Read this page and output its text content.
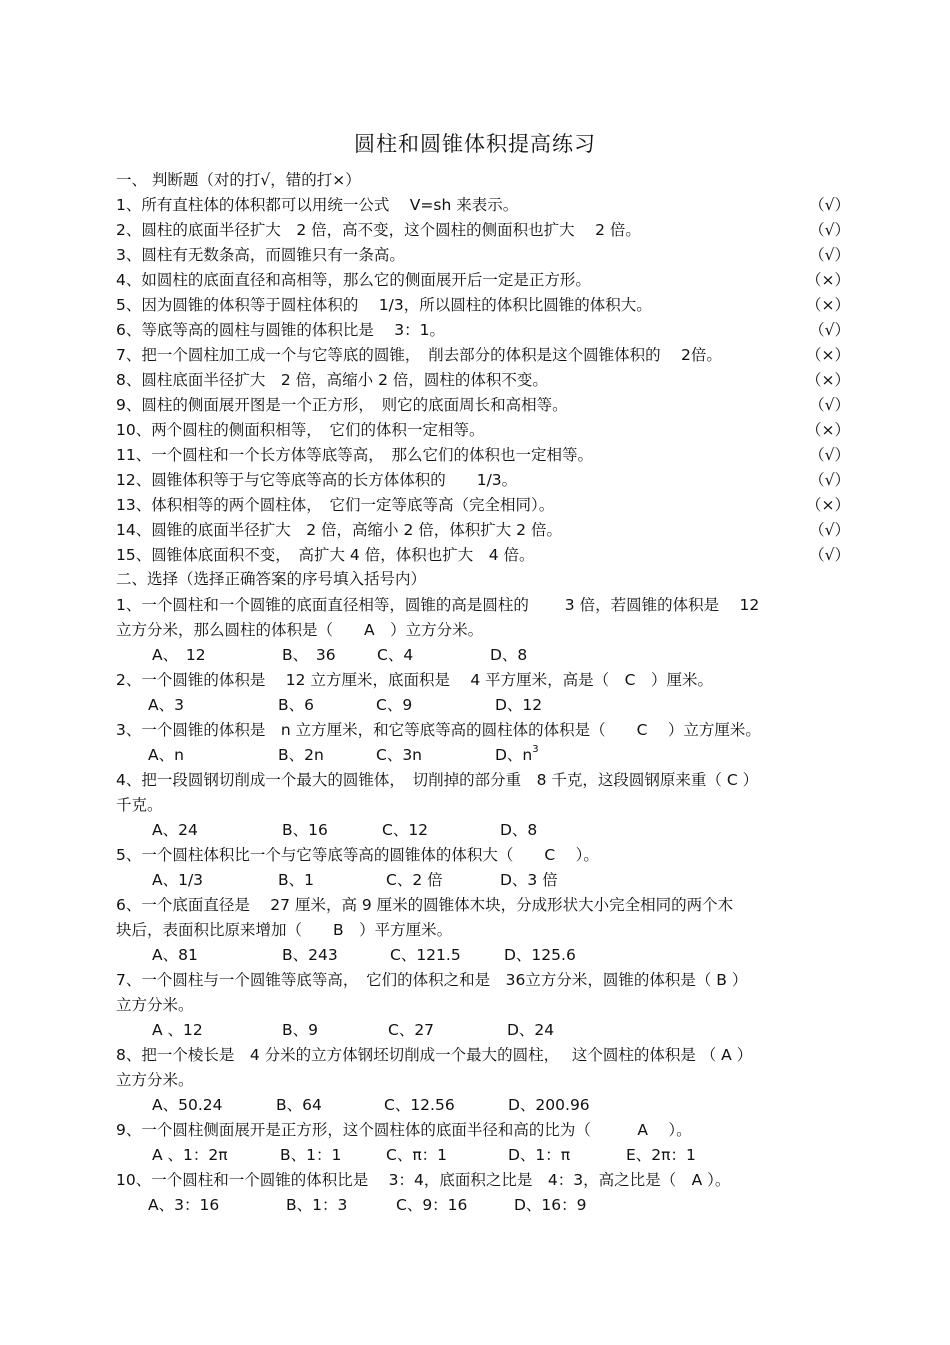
圆柱和圆锥体积提高练习
一、 判断题（对的打√，错的打×）
1、所有直柱体的体积都可以用统一公式　 V=sh 来表示。	（√）
2、圆柱的底面半径扩大　2 倍，高不变，这个圆柱的侧面积也扩大　 2 倍。	（√）
3、圆柱有无数条高，而圆锥只有一条高。	（√）
4、如圆柱的底面直径和高相等，那么它的侧面展开后一定是正方形。	（×）
5、因为圆锥的体积等于圆柱体积的　 1/3，所以圆柱的体积比圆锥的体积大。	（×）
6、等底等高的圆柱与圆锥的体积比是　 3：1。	（√）
7、把一个圆柱加工成一个与它等底的圆锥，　削去部分的体积是这个圆锥体积的　 2倍。	（×）
8、圆柱底面半径扩大　2 倍，高缩小 2 倍，圆柱的体积不变。	（×）
9、圆柱的侧面展开图是一个正方形，　则它的底面周长和高相等。	（√）
10、两个圆柱的侧面积相等，　它们的体积一定相等。	（×）
11、一个圆柱和一个长方体等底等高，　那么它们的体积也一定相等。	（√）
12、圆锥体积等于与它等底等高的长方体体积的　　1/3。	（√）
13、体积相等的两个圆柱体，　它们一定等底等高（完全相同）。	（×）
14、圆锥的底面半径扩大　2 倍，高缩小 2 倍，体积扩大 2 倍。	（√）
15、圆锥体底面积不变，　高扩大 4 倍，体积也扩大　4 倍。	（√）
二、选择（选择正确答案的序号填入括号内）
1、一个圆柱和一个圆锥的底面直径相等，圆锥的高是圆柱的　　 3 倍，若圆锥的体积是　 12
立方分米，那么圆柱的体积是（　　A　）立方分米。
A、　12	B、　36	C、4	D、8
2、一个圆锥的体积是　 12 立方厘米，底面积是　 4 平方厘米，高是（　C　）厘米。
A、3	B、6	C、9	D、12
3、一个圆锥的体积是　n 立方厘米，和它等底等高的圆柱体的体积是（　　C　 ）立方厘米。
A、n	B、2n	C、3n	D、$n^3$
4、把一段圆钢切削成一个最大的圆锥体，　切削掉的部分重　8 千克，这段圆钢原来重（ C ）
千克。
A、24	B、16	C、12	D、8
5、一个圆柱体积比一个与它等底等高的圆锥体的体积大（　　C　 ）。
A、1/3	B、1	C、2 倍	D、3 倍
6、一个底面直径是　 27 厘米，高 9 厘米的圆锥体木块，分成形状大小完全相同的两个木
块后，表面积比原来增加（　　B　）平方厘米。
A、81	B、243	C、121.5	D、125.6
7、一个圆柱与一个圆锥等底等高，　它们的体积之和是　36立方分米，圆锥的体积是（ B ）
立方分米。
A 、12	B、9	C、27	D、24
8、把一个棱长是　4 分米的立方体钢坯切削成一个最大的圆柱，　 这个圆柱的体积是 （ A ）
立方分米。
A、50.24	B、64	C、12.56	D、200.96
9、一个圆柱侧面展开是正方形，这个圆柱体的底面半径和高的比为（　　　A　 ）。
A 、1：2π	B、1：1	C、π：1	D、1：π	E、2π：1
10、一个圆柱和一个圆锥的体积比是　 3：4，底面积之比是　4：3，高之比是（　A ）。
A、3：16	B、1：3	C、9：16	D、16：9
